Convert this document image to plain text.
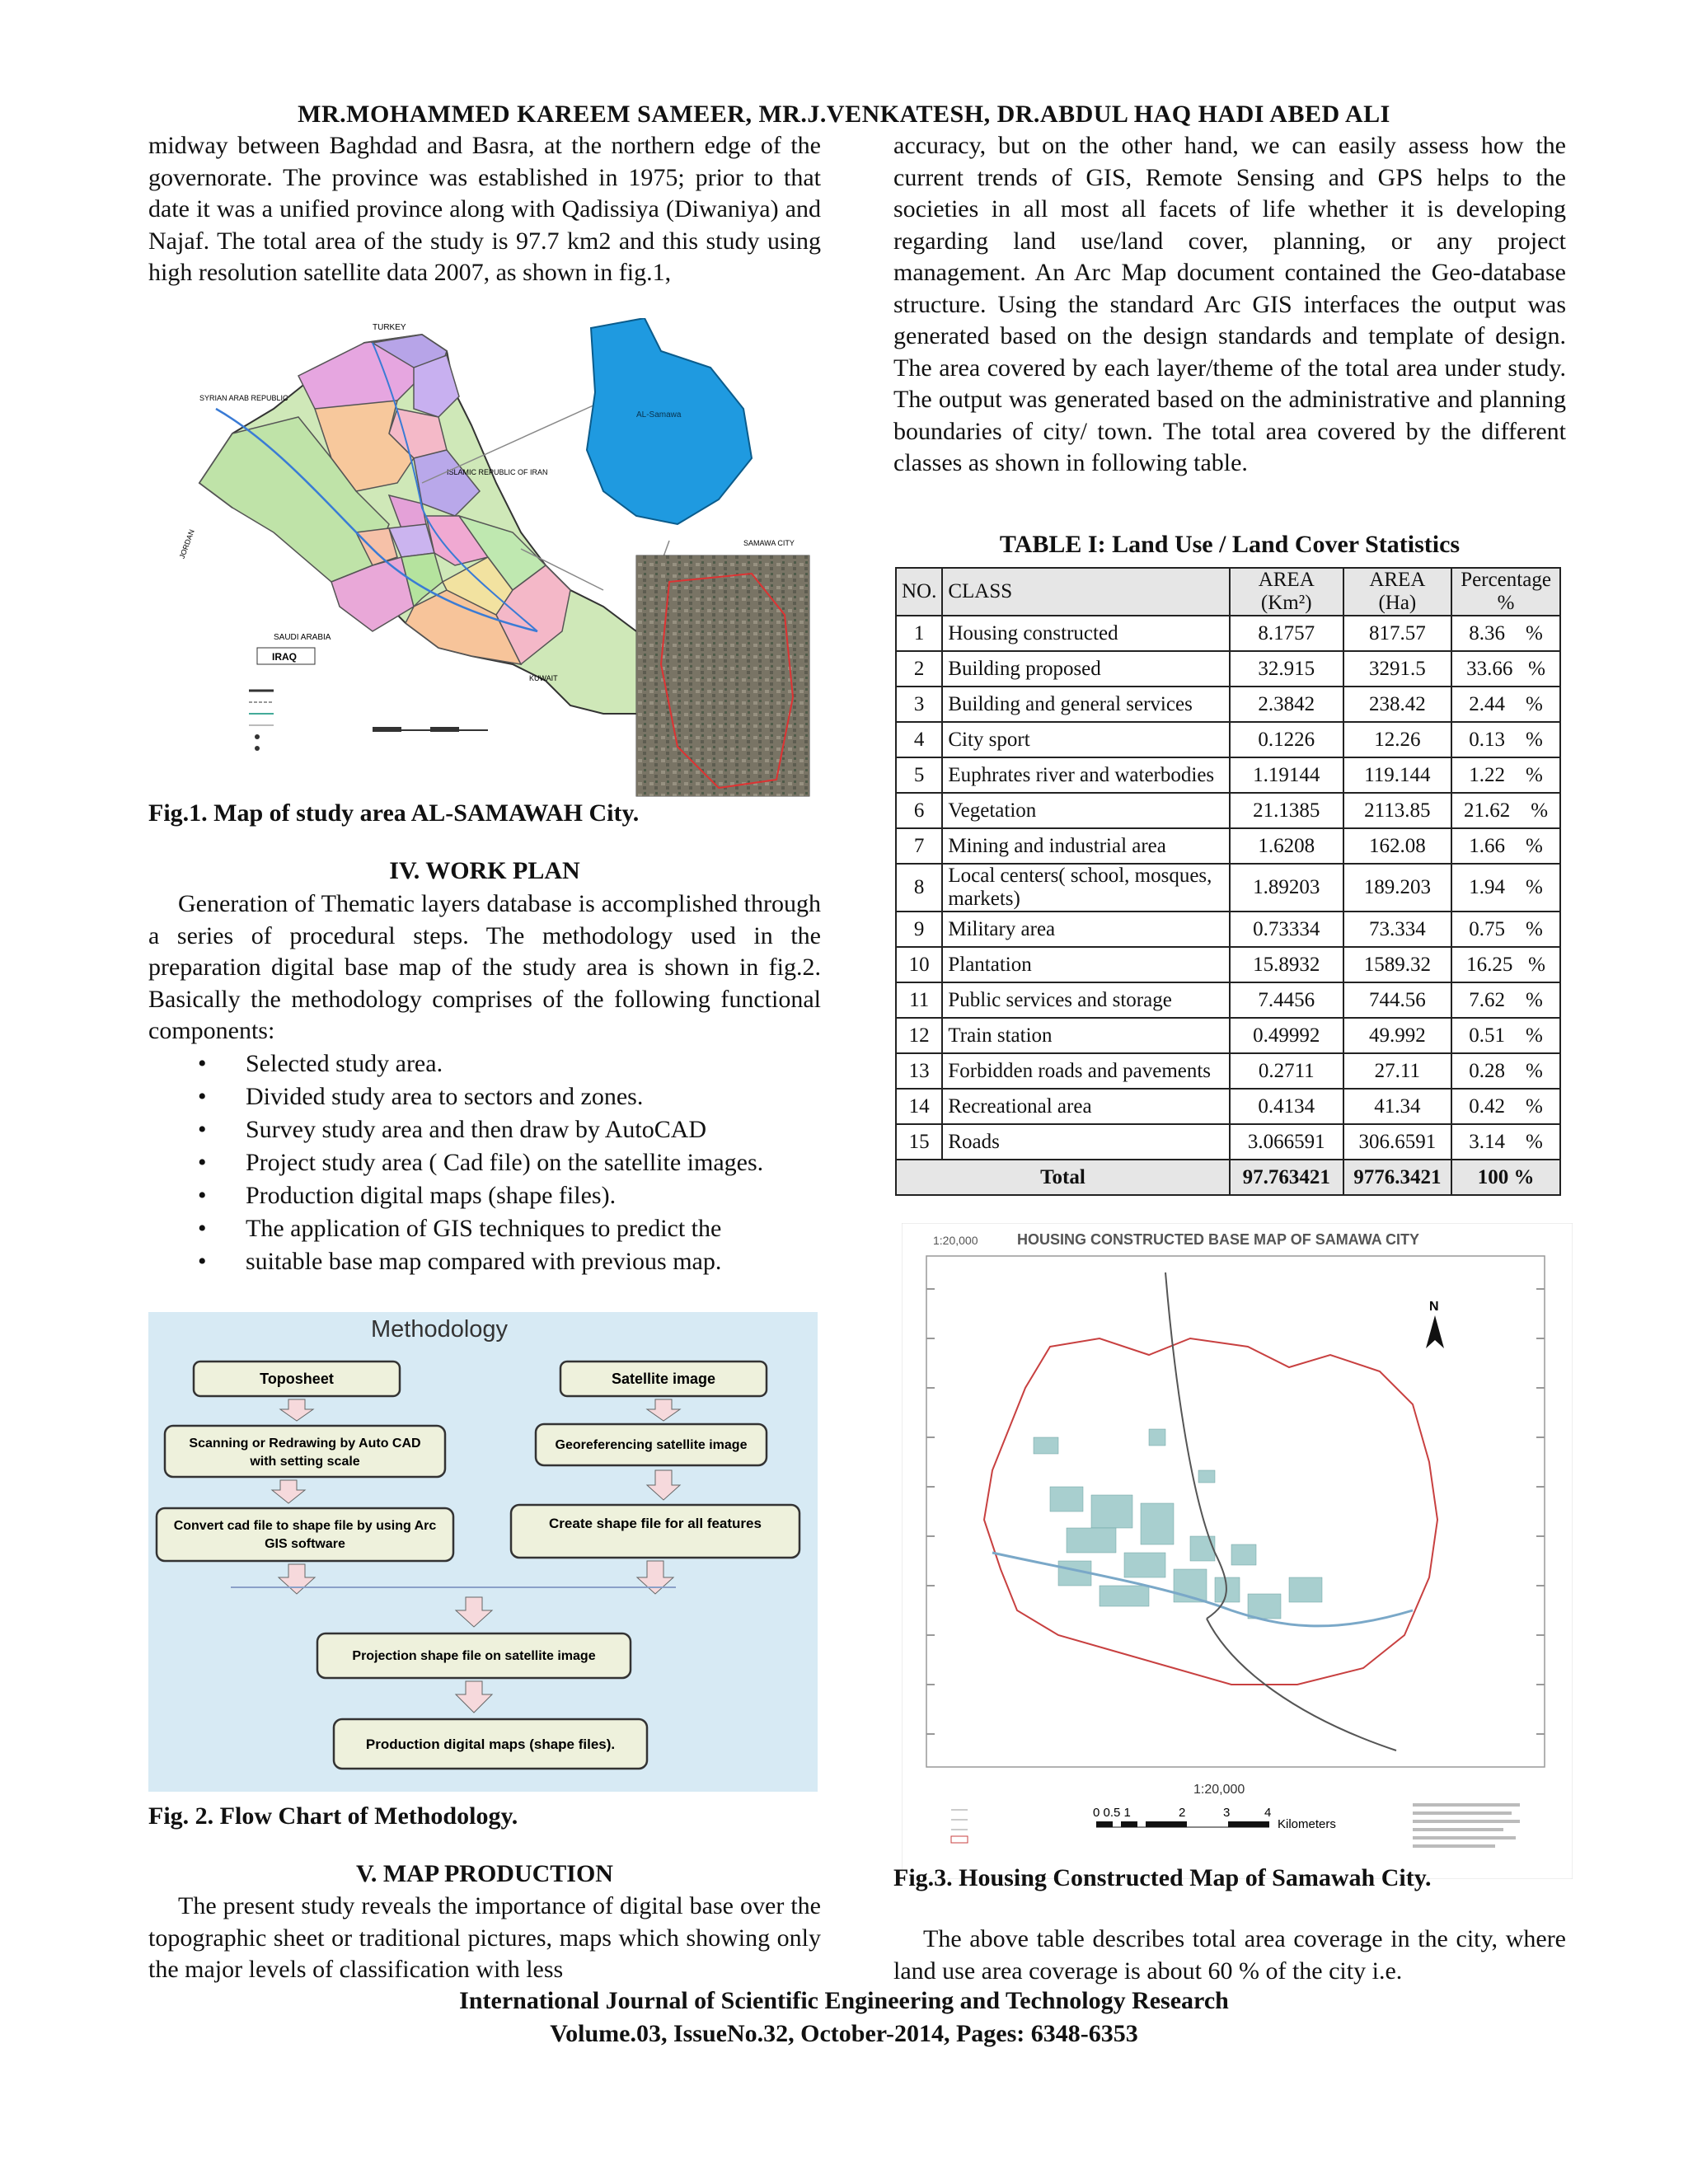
MR.MOHAMMED KAREEM SAMEER, MR.J.VENKATESH, DR.ABDUL HAQ HADI ABED ALI

midway between Baghdad and Basra, at the northern edge of the governorate. The province was established in 1975; prior to that date it was a unified province along with Qadissiya (Diwaniya) and Najaf. The total area of the study is 97.7 km2 and this study using high resolution satellite data 2007, as shown in fig.1,

TURKEY
SYRIAN ARAB REPUBLIC
ISLAMIC REPUBLIC OF IRAN
SAUDI ARABIA
KUWAIT
JORDAN
IRAQ
AL-Samawa
SAMAWA CITY

Fig.1. Map of study area AL-SAMAWAH City.

IV. WORK PLAN

Generation of Thematic layers database is accomplished through a series of procedural steps. The methodology used in the preparation digital base map of the study area is shown in fig.2. Basically the methodology comprises of the following functional components:

• Selected study area.
• Divided study area to sectors and zones.
• Survey study area and then draw by AutoCAD
• Project study area ( Cad file) on the satellite images.
• Production digital maps (shape files).
• The application of GIS techniques to predict the
• suitable base map compared with previous map.
Methodology
Toposheet	Satellite image
Scanning or Redrawing by Auto CAD
with setting scale
Georeferencing satellite image
Convert cad file to shape file by using Arc
GIS software
Create shape file for all features
Projection shape file on satellite image
Production digital maps (shape files).

Fig. 2. Flow Chart of Methodology.

V. MAP PRODUCTION

The present study reveals the importance of digital base over the topographic sheet or traditional pictures, maps which showing only the major levels of classification with less

accuracy, but on the other hand, we can easily assess how the current trends of GIS, Remote Sensing and GPS helps to the societies in all most all facets of life whether it is developing regarding land use/land cover, planning, or any project management. An Arc Map document contained the Geo-database structure. Using the standard Arc GIS interfaces the output was generated based on the design standards and template of design. The area covered by each layer/theme of the total area under study. The output was generated based on the administrative and planning boundaries of city/ town. The total area covered by the different classes as shown in following table.

TABLE I: Land Use / Land Cover Statistics
NO.	CLASS	AREA (Km²)	AREA (Ha)	Percentage %
1	Housing constructed	8.1757	817.57	8.36    %
2	Building proposed	32.915	3291.5	33.66   %
3	Building and general services	2.3842	238.42	2.44    %
4	City sport	0.1226	12.26	0.13    %
5	Euphrates river and waterbodies	1.19144	119.144	1.22    %
6	Vegetation	21.1385	2113.85	21.62    %
7	Mining and industrial area	1.6208	162.08	1.66    %
8	Local centers( school, mosques, markets)	1.89203	189.203	1.94    %
9	Military area	0.73334	73.334	0.75    %
10	Plantation	15.8932	1589.32	16.25   %
11	Public services and storage	7.4456	744.56	7.62    %
12	Train station	0.49992	49.992	0.51    %
13	Forbidden roads and pavements	0.2711	27.11	0.28    %
14	Recreational area	0.4134	41.34	0.42    %
15	Roads	3.066591	306.6591	3.14    %
Total		97.763421	9776.3421	100 %
1:20,000	HOUSING CONSTRUCTED BASE MAP OF SAMAWA CITY
N
1:20,000
0 0.5 1	2	3	4
Kilometers

Fig.3. Housing Constructed Map of Samawah City.

The above table describes total area coverage in the city, where land use area coverage is about 60 % of the city i.e.

International Journal of Scientific Engineering and Technology Research
Volume.03, IssueNo.32, October-2014, Pages: 6348-6353
